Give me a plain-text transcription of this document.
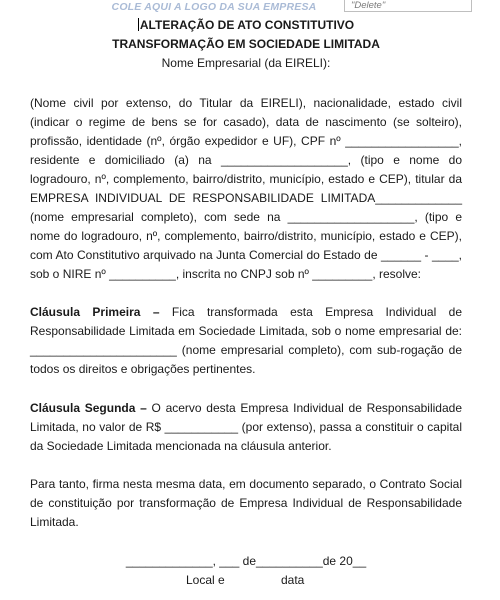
COLE AQUI A LOGO DA SUA EMPRESA	"Delete"

ALTERAÇÃO DE ATO CONSTITUTIVO

TRANSFORMAÇÃO EM SOCIEDADE LIMITADA

Nome Empresarial (da EIRELI):

(Nome civil por extenso, do Titular da EIRELI), nacionalidade, estado civil (indicar o regime de bens se for casado), data de nascimento (se solteiro), profissão, identidade (nº, órgão expedidor e UF), CPF nº _________________, residente e domiciliado (a) na ___________________, (tipo e nome do logradouro, nº, complemento, bairro/distrito, município, estado e CEP), titular da EMPRESA INDIVIDUAL DE RESPONSABILIDADE LIMITADA_____________ (nome empresarial completo), com sede na ___________________, (tipo e nome do logradouro, nº, complemento, bairro/distrito, município, estado e CEP), com Ato Constitutivo arquivado na Junta Comercial do Estado de ______ - ____, sob o NIRE nº __________, inscrita no CNPJ sob nº _________, resolve:

Cláusula Primeira – Fica transformada esta Empresa Individual de Responsabilidade Limitada em Sociedade Limitada, sob o nome empresarial de: ______________________ (nome empresarial completo), com sub-rogação de todos os direitos e obrigações pertinentes.

Cláusula Segunda – O acervo desta Empresa Individual de Responsabilidade Limitada, no valor de R$ ___________ (por extenso), passa a constituir o capital da Sociedade Limitada mencionada na cláusula anterior.

Para tanto, firma nesta mesma data, em documento separado, o Contrato Social de constituição por transformação de Empresa Individual de Responsabilidade Limitada.

_____________, ___ de__________de 20__
Local e	data
